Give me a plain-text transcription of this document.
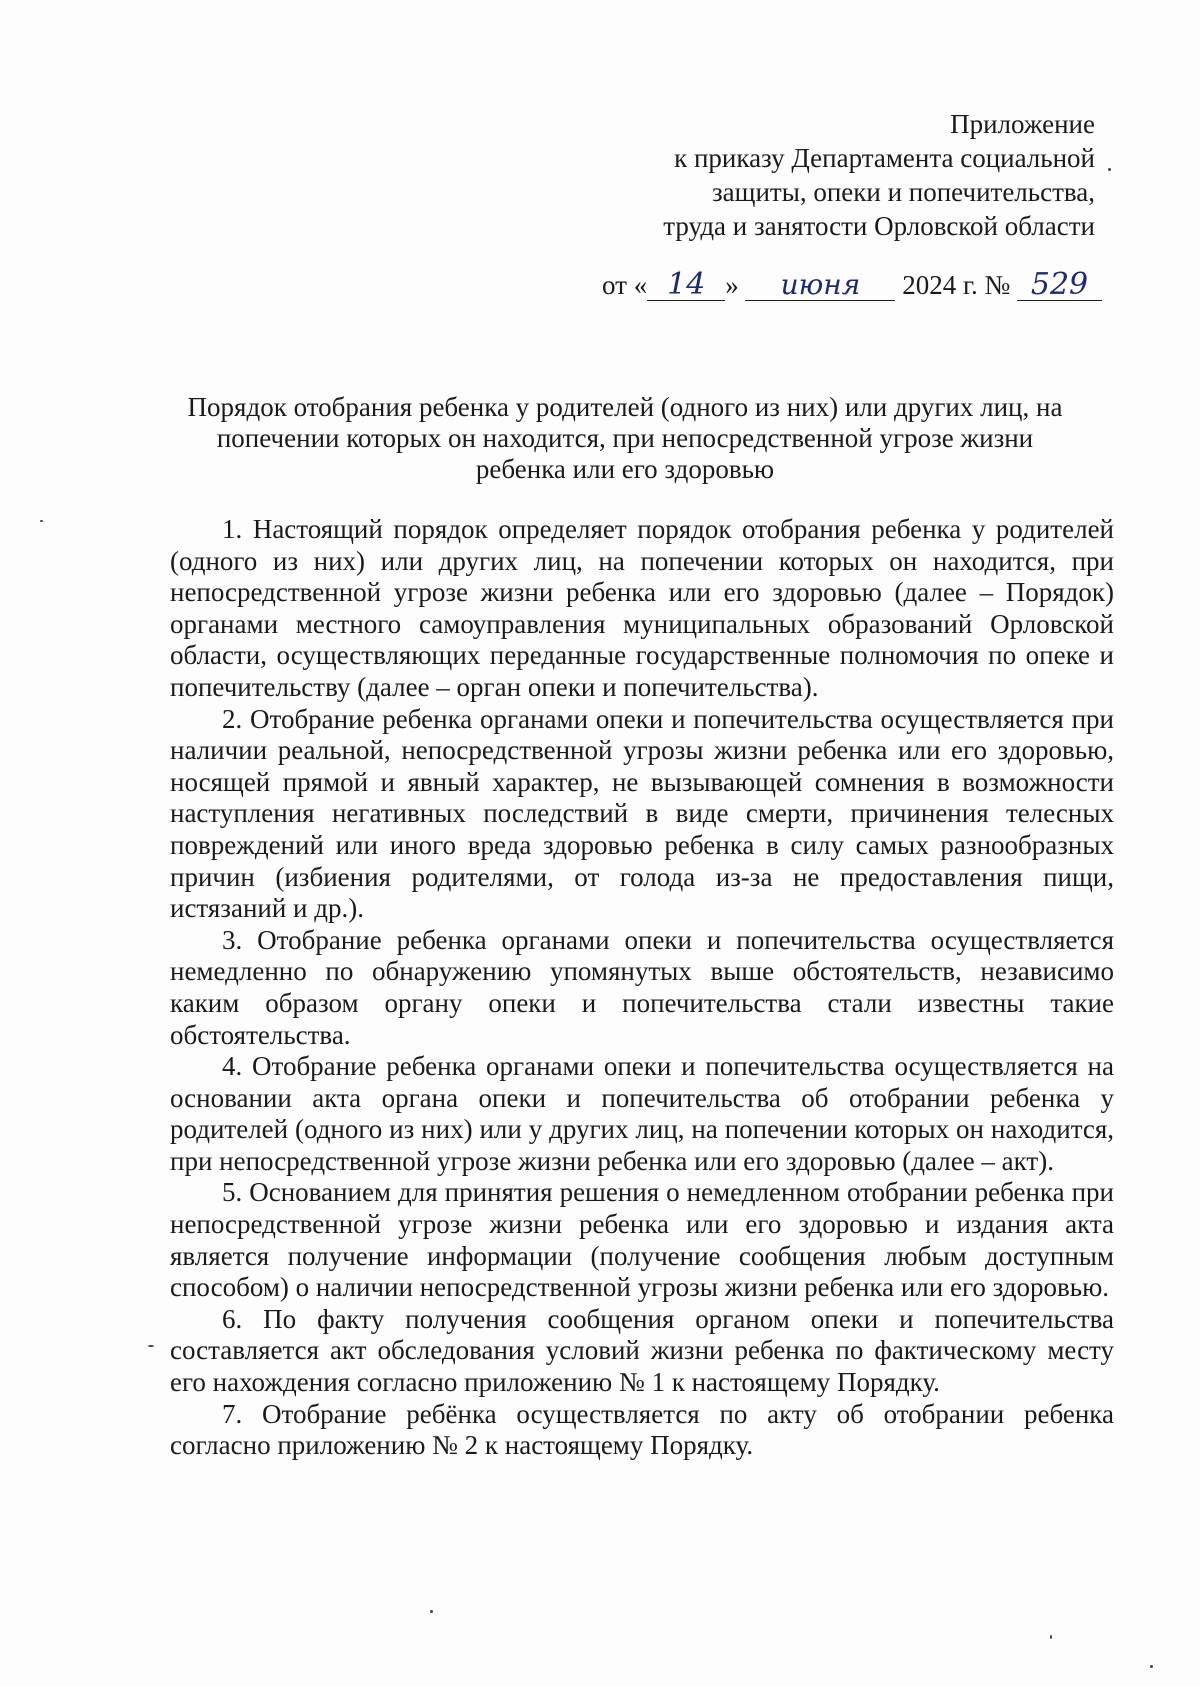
Приложение
к приказу Департамента социальной
защиты, опеки и попечительства,
труда и занятости Орловской области
от « 14 » июня 2024 г. № 529
Порядок отобрания ребенка у родителей (одного из них) или других лиц, на попечении которых он находится, при непосредственной угрозе жизни ребенка или его здоровью

1. Настоящий порядок определяет порядок отобрания ребенка у родителей (одного из них) или других лиц, на попечении которых он находится, при непосредственной угрозе жизни ребенка или его здоровью (далее – Порядок) органами местного самоуправления муниципальных образований Орловской области, осуществляющих переданные государственные полномочия по опеке и попечительству (далее – орган опеки и попечительства).

2. Отобрание ребенка органами опеки и попечительства осуществляется при наличии реальной, непосредственной угрозы жизни ребенка или его здоровью, носящей прямой и явный характер, не вызывающей сомнения в возможности наступления негативных последствий в виде смерти, причинения телесных повреждений или иного вреда здоровью ребенка в силу самых разнообразных причин (избиения родителями, от голода из-за не предоставления пищи, истязаний и др.).

3. Отобрание ребенка органами опеки и попечительства осуществляется немедленно по обнаружению упомянутых выше обстоятельств, независимо каким образом органу опеки и попечительства стали известны такие обстоятельства.

4. Отобрание ребенка органами опеки и попечительства осуществляется на основании акта органа опеки и попечительства об отобрании ребенка у родителей (одного из них) или у других лиц, на попечении которых он находится, при непосредственной угрозе жизни ребенка или его здоровью (далее – акт).

5. Основанием для принятия решения о немедленном отобрании ребенка при непосредственной угрозе жизни ребенка или его здоровью и издания акта является получение информации (получение сообщения любым доступным способом) о наличии непосредственной угрозы жизни ребенка или его здоровью.

6. По факту получения сообщения органом опеки и попечительства составляется акт обследования условий жизни ребенка по фактическому месту его нахождения согласно приложению № 1 к настоящему Порядку.

7. Отобрание ребёнка осуществляется по акту об отобрании ребенка согласно приложению № 2 к настоящему Порядку.
